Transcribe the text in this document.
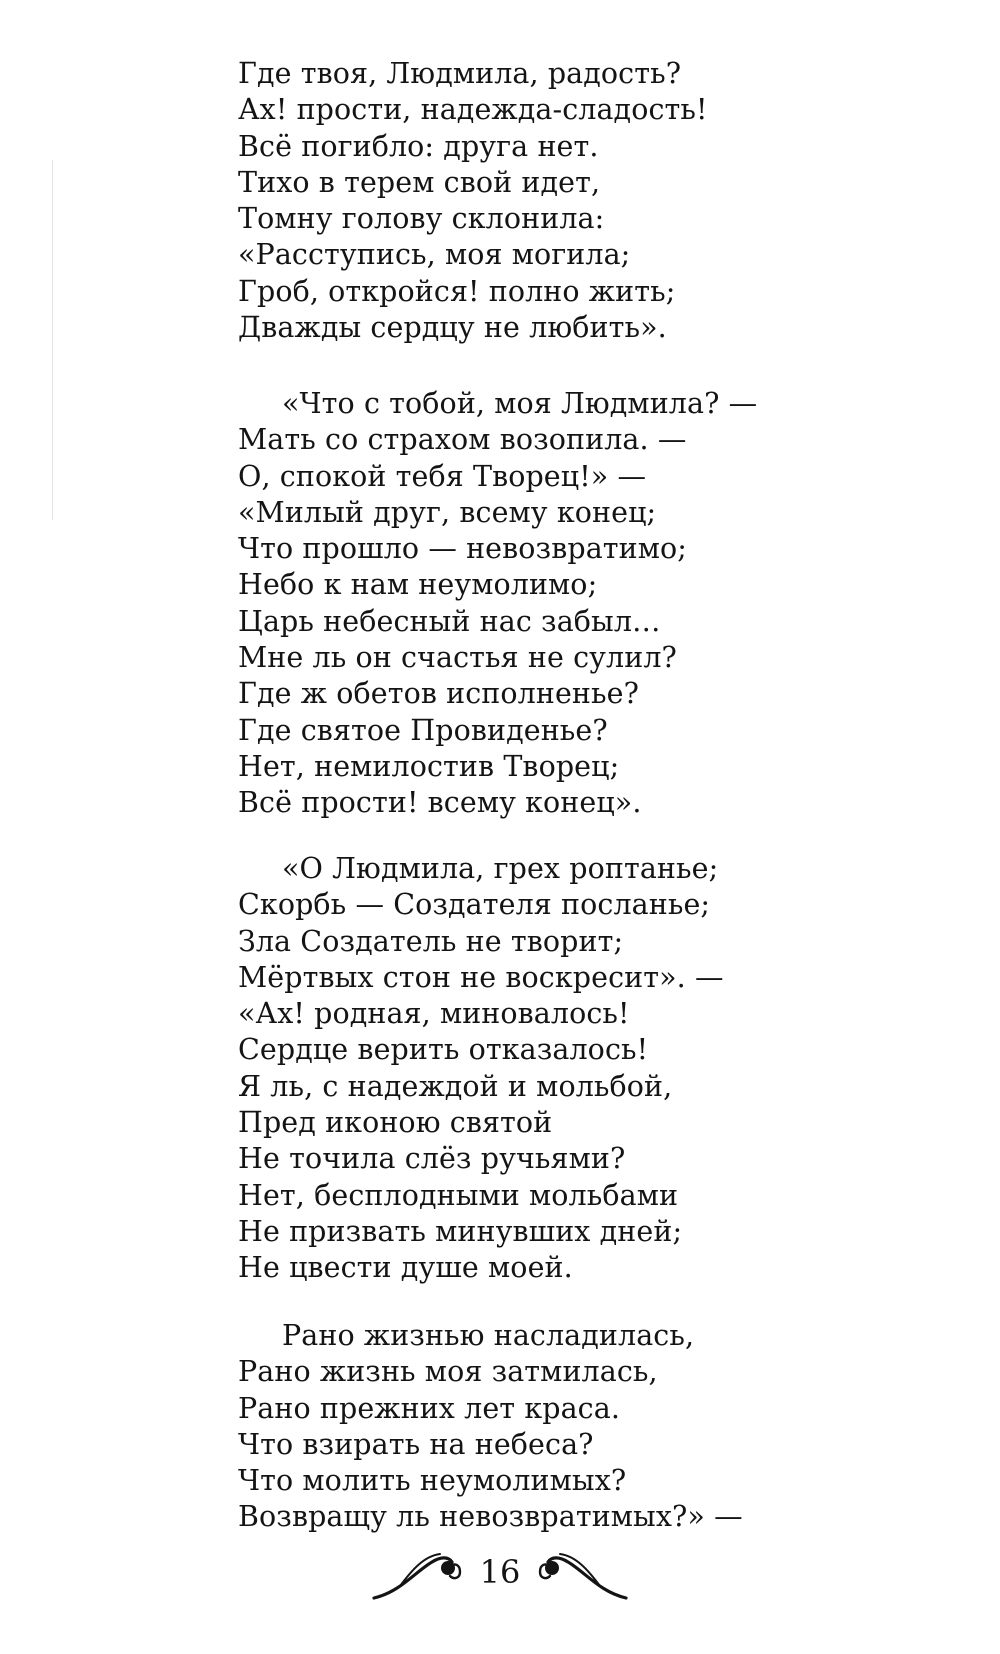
Где твоя, Людмила, радость?
Ах! прости, надежда-сладость!
Всё погибло: друга нет.
Тихо в терем свой идет,
Томну голову склонила:
«Расступись, моя могила;
Гроб, откройся! полно жить;
Дважды сердцу не любить».
«Что с тобой, моя Людмила? —
Мать со страхом возопила. —
О, спокой тебя Творец!» —
«Милый друг, всему конец;
Что прошло — невозвратимо;
Небо к нам неумолимо;
Царь небесный нас забыл…
Мне ль он счастья не сулил?
Где ж обетов исполненье?
Где святое Провиденье?
Нет, немилостив Творец;
Всё прости! всему конец».
«О Людмила, грех роптанье;
Скорбь — Создателя посланье;
Зла Создатель не творит;
Мёртвых стон не воскресит». —
«Ах! родная, миновалось!
Сердце верить отказалось!
Я ль, с надеждой и мольбой,
Пред иконою святой
Не точила слёз ручьями?
Нет, бесплодными мольбами
Не призвать минувших дней;
Не цвести душе моей.
Рано жизнью насладилась,
Рано жизнь моя затмилась,
Рано прежних лет краса.
Что взирать на небеса?
Что молить неумолимых?
Возвращу ль невозвратимых?» —
16
